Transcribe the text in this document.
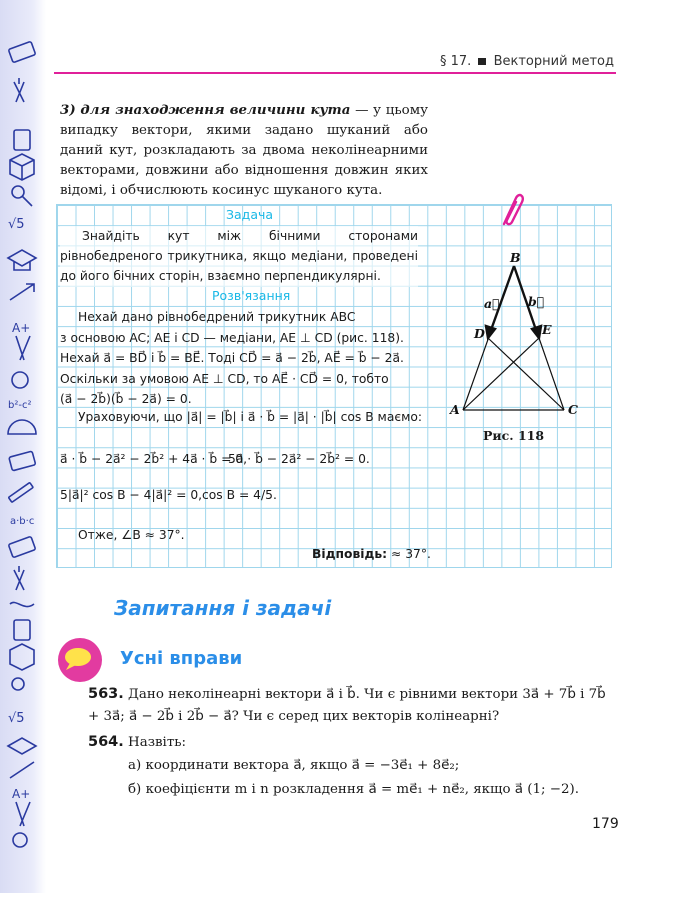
√5
A+
b²-c²
a·b·c
√5
A+
§ 17. Векторний метод
3) для знаходження величини кута — у цьому випадку вектори, якими задано шуканий або даний кут, розкладають за двома неколінеарними векторами, довжини або відношення довжин яких відомі, і обчислюють косинус шуканого кута.
Задача
Знайдіть кут між бічними сторонами рівнобедреного трикутника, якщо медіани, проведені до його бічних сторін, взаємно перпендикулярні.
Розв'язання
Нехай дано рівнобедрений трикутник ABC
з основою AC; AE і CD — медіани, AE ⊥ CD (рис. 118).
Нехай a⃗ = BD⃗ і b⃗ = BE⃗. Тоді CD⃗ = a⃗ − 2b⃗, AE⃗ = b⃗ − 2a⃗.
Оскільки за умовою AE ⊥ CD, то AE⃗ · CD⃗ = 0, тобто
(a⃗ − 2b⃗)(b⃗ − 2a⃗) = 0.
Ураховуючи, що |a⃗| = |b⃗| і a⃗ · b⃗ = |a⃗| · |b⃗| cos B маємо:
a⃗ · b⃗ − 2a⃗² − 2b⃗² + 4a⃗ · b⃗ = 0,
5a⃗ · b⃗ − 2a⃗² − 2b⃗² = 0.
5|a⃗|² cos B − 4|a⃗|² = 0, cos B = 4/5.
Отже, ∠B ≈ 37°.
Відповідь: ≈ 37°.
B
A	C
D	E
a⃗ b⃗
Рис. 118
Запитання і задачі
Усні вправи
563. Дано неколінеарні вектори a⃗ і b⃗. Чи є рівними вектори 3a⃗ + 7b⃗ і 7b⃗ + 3a⃗; a⃗ − 2b⃗ і 2b⃗ − a⃗? Чи є серед цих векторів колінеарні?
564. Назвіть:
а) координати вектора a⃗, якщо a⃗ = −3e⃗₁ + 8e⃗₂;
б) коефіцієнти m і n розкладення a⃗ = me⃗₁ + ne⃗₂, якщо a⃗ (1; −2).
179
